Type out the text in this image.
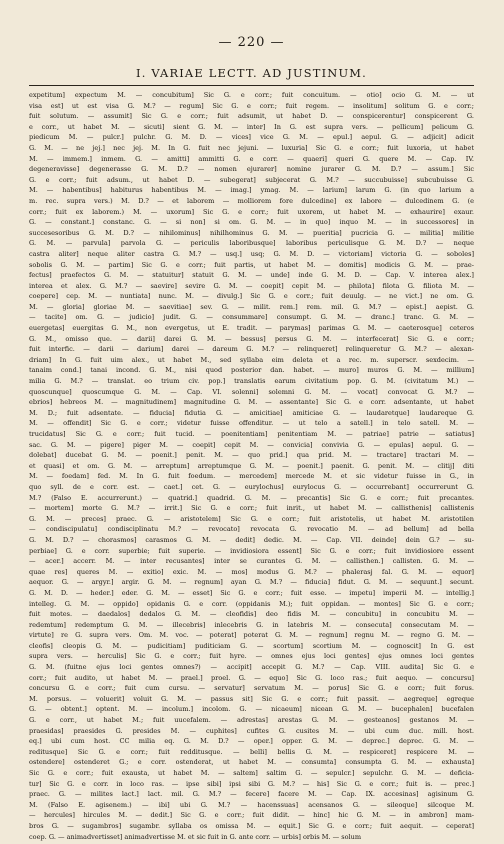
— 220 —
I. VARIAE LECTT. AD JUSTINUM.
expetitum] expectum M. — concubitum] Sic G. e corr.; fuit concuitum. — otio] ocio G. M. — ut
visa est] ut est visa G. M.? — regum] Sic G. e corr.; fuit regem. — insolitum] solitum G. e corr.;
fuit solutum. — assumit] Sic G. e corr.; fuit adsumit, ut habet D. — conspicerentur] conspicerent G.
e corr., ut habet M. — sicuti] sient G. M. — inter] In G. est supra vers. — pellicum] pelicum G.
piedicum M. — pulcr.] pulchr. G. M. D. — vices] vice G. M. — epul.] aepul. G. — adjicit] adicit
G. M. — ne jej.] nec jej. M. In G. fuit nec jejuni. — luxuria] Sic G. e corr.; fuit luxoria, ut habet
M. — immem.] inmem. G. — amitti] ammitti G. e corr. — quaeri] queri G. quere M. — Cap. IV.
degeneravisse] degenerasse G. M. D.? — nomen ejurarer] nomine jurarer G. M. D.? — assum.] Sic
G. e corr.; fuit adsum., ut habet D. — subegerat] subjecerat G. M.? — succubuisse] subcubuisse G.
M. — habentibus] habiturus habentibus M. — imag.] ymag. M. — larium] larum G. (in quo larium a
m. rec. supra vers.) M. D.? — et laborem — molliorem fore dulcedine] ex labore — dulcedinem G. (e
corr.; fuit ex laborem.) M. — uxorum] Sic G. e corr.; fuit uxorem, ut habet M. — exhaurire] exaur.
G. — constant.] constanc. G. — si non] si om. G. M. — in quo] inquo M. — in successores] in
succesesoribus G. M. D.? — nihilominus] nihilhominus G. M. — pueritia] pucricia G. — militia] militie
G. M. — parvula] parvola G. — periculis laboribusque] laboribus periculisque G. M. D.? — neque
castra aliter] neque aliter castra G. M.? — usq.] usq; G. M. D. — victoriam] victoria G. — soboles]
sobolis G. M. — partim] Sic G. e corr.; fuit partis, ut habet M. — domitis] modicis G. M. — prae-
fectus] praefectos G. M. — statuitur] statuit G. M. — unde] inde G. M. D. — Cap. V. interea alex.]
interea et alex. G. M.? — saevire] sevire G. M. — coepit] cepit M. — philota] filota G. filiota M. —
coepere] cep. M. — nuntiata] nunc. M. — divulg.] Sic G. e corr.; fuit deuulg. — ne vict.] ne om. G.
M. — gloria] gloriae M. — saevitiae] sev. G. — milit. rem.] rem. mil. G. M.? — epist.] aepist. G.
— tacite] om. G. — judicio] judit. G. — consummare] consumpt. G. M. — dranc.] tranc. G. M. —
euergetas] euergitas G. M., non evergetus, ut E. tradit. — parymas] parimas G. M. — caeterosque] ceteros
G. M., omisso que. — darii] darei G. M. — bessus] persus G. M. — interfecerat] Sic G. e corr.;
fuit interfic. — darii — darium] darei — dareum G. M.? — relinqueret] relinqueretur G. M.? — alexan-
driam] In G. fuit uim alex., ut habet M., sed syllaba eim deleta et a rec. m. superscr. sexdecim. —
tanaim cond.] tanai incond. G. M., nisi quod posterior dan. habet. — muro] muros G. M. — millium]
milia G. M.? — translat. eo trium civ. pop.] translatis earum civitatium pop. G. M. (civitatum M.) —
quoscunque] quoscumque G. M. — Cap. VI. solenni] solemni G. M. — vocat] convocat G. M.? —
ebrios] hebreos M. — magnitudinem] magnitudine G. M. — assentante] Sic G. e corr. adsentante, ut habet
M. D.; fuit adsentate. — fiducia] fidutia G. — amicitiae] amiticiae G. — laudaretque] laudareque G.
M. — offendit] Sic G. e corr.; videtur fuisse offenditur. — ut telo a satell.] in telo satell. M. —
trucidatus] Sic G. e corr.; fuit tucid. — poenitentiam] penitentiam M. — patriae] patrie — satiatus]
sac. G. M. — pigere] piger M. — coepit] cepit M. — convicia] convivia G. — epulas] aepul. G. —
dolebat] ducebat G. M. — poenit.] penit. M. — quo prid.] qua prid. M. — tractare] tractari M. —
et quasi] et om. G. M. — arreptum] arreptumque G. M. — poenit.] paenit. G. penit. M. — clitij] diti
M. — foedam] fed. M. In G. fuit foedum. — mercedem] mercede M. et sic videtur fuisse in G., in
quo syll. de e corr. est. — caet.] cet. G. — eurylochus] eurylocus G. — occurrebant] occurrerunt G.
M.? (Falso E. accurrerunt.) — quatrid.] quadrid. G. M. — precantis] Sic G. e corr.; fuit precantes.
— mortem] morte G. M.? — irrit.] Sic G. e corr.; fuit inrit., ut habet M. — callisthenis] callistenis
G. M. — preces] praec. G. — aristotelem] Sic G. e corr.; fuit aristotelis, ut habet M. aristotilen
— condiscipulatu] condisciplinatu M.? — revocato] revocata G. revocatio M. — ad bellum] ad bella
G. M. D.? — chorasmos] carasmos G. M. — dedit] dedic. M. — Cap. VII. deinde] dein G.? — su-
perbiae] G. e corr. superbie; fuit superie. — invidiosiora essent] Sic G. e corr.; fuit invidiosiore essent
— acer.] accerr. M. — inter recusantes] inter se curantes G. M. — callisthen.] callisten. G. M. —
quae res] queres M. — exitio] exic. M. — mos] modus G. M.? — phalerasj fal. G. M. — equor]
aequor. G. — argyr.] argir. G. M. — regnum] ayan G. M.? — fiducia] fidut. G. M. — sequunt.] secunt.
G. M. D. — heder.] eder. G. M. — esset] Sic G. e corr.; fuit esse. — impetu] imperii M. — intellig.]
intelleg. G. M. — oppido] opidanis G. e corr. (oppidanis M.); fuit oppidan. — montes] Sic G. e corr.;
fuit motes. — daedalos] dedalos G. M. — cleofidis] deo fidis M. — concubitu] in concubitu M. —
redemtum] redemptum G. M. — illecebris] inlecebris G. in latebris M. — consecuta] consecutam M. —
virtute] re G. supra vers. Om. M. voc. — poterat] poterat G. M. — regnum] regnu M. — regno G. M. —
cleofis] cleopis G. M. — pudicitiam] puditiciam G. — scortum] scortium M. — cognoscit] In G. est
supra vers. — herculis] Sic G. e corr.; fuit hyre. — omnes ejus loci gentes] ejus omnes loci gentes
G. M. (fuitne ejus loci gentes omnes?) — accipit] accepit G. M.? — Cap. VIII. audita] Sic G. e
corr.; fuit audito, ut habet M. — prael.] proel. G. — equo] Sic G. loco ras.; fuit aequo. — concursu]
concursu G. e corr.; fuit cum cursu. — servatur] servatum M. — porus] Sic G. e corr.; fuit forus.
M. porsus. — voluerit] voluit G. M. — passus sit] Sic G. e corr.; fuit passit. — aegreque] egreque
G. — obtent.] optent. M. — incolum.] incolom. G. — nicaeum] nicean G. M. — bucephalen] bucefalen
G. e corr., ut habet M.; fuit uucefalem. — adrestas] arestas G. M. — gesteanos] gestanos M. —
praesidas] praesides G. presides M. — cuphites] cufites G. cusites M. — ubi cum duc. mill. host.
eq.] ubi cum host. CC milia eq. G. M. D.? — oper.] opper. G. M. — deprec.] deprec. G. M. —
reditusque] Sic G. e corr.; fuit redditusque. — belli] bellis G. M. — respiceret] respicere M. —
ostendere] ostenderet G.; e corr. ostenderat, ut habet M. — consumta] consumpta G. M. — exhausta]
Sic G. e corr.; fuit exausta, ut habet M. — saltem] saltim G. — sepulcr.] sepulchr. G. M. — deficia-
tur] Sic G. e corr. in loco ras. — ipse sibi] ipsi sibi G. M.? — his] Sic G. e corr.; fuit is. — prec.]
praec. G. — milites lact.] lact. mil. G. M.? — fecere] facere M. — Cap. IX. accesinas] agisinum G.
M. (Falso E. agisenem.) — ibi] ubi G. M.? — hacenssuas] acensanos G. — sileoque] silcoque M.
— hercules] hircules M. — dedit.] Sic G. e corr.; fuit didit. — hinc] hic G. M. — in ambron] mam-
bros G. — sugambros] sugambr. syllaba os omissa M. — equit.] Sic G. e corr.; fuit aequit. — ceperat]
coep. G. — animadvertisset] animadvertisse M. et sic fuit in G. ante corr. — urbis] orbis M. — solum
